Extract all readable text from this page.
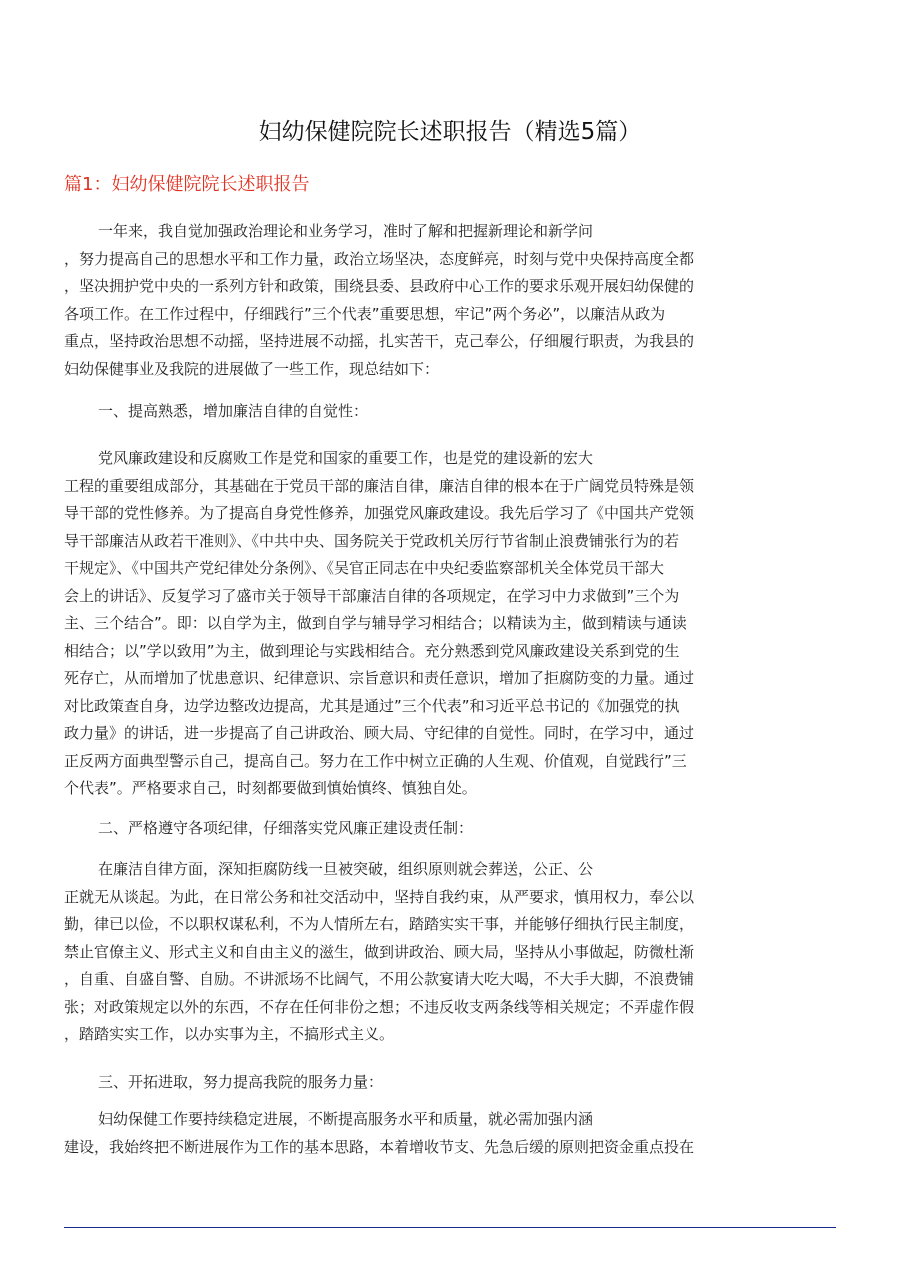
妇幼保健院院长述职报告（精选5篇）
篇1：妇幼保健院院长述职报告
一年来，我自觉加强政治理论和业务学习，准时了解和把握新理论和新学问
，努力提高自己的思想水平和工作力量，政治立场坚决，态度鲜亮，时刻与党中央保持高度全都
，坚决拥护党中央的一系列方针和政策，围绕县委、县政府中心工作的要求乐观开展妇幼保健的
各项工作。在工作过程中，仔细践行”三个代表”重要思想，牢记”两个务必”，以廉洁从政为
重点，坚持政治思想不动摇，坚持进展不动摇，扎实苦干，克己奉公，仔细履行职责，为我县的
妇幼保健事业及我院的进展做了一些工作，现总结如下：
一、提高熟悉，增加廉洁自律的自觉性：
党风廉政建设和反腐败工作是党和国家的重要工作，也是党的建设新的宏大
工程的重要组成部分，其基础在于党员干部的廉洁自律，廉洁自律的根本在于广阔党员特殊是领
导干部的党性修养。为了提高自身党性修养，加强党风廉政建设。我先后学习了《中国共产党领
导干部廉洁从政若干准则》、《中共中央、国务院关于党政机关厉行节省制止浪费铺张行为的若
干规定》、《中国共产党纪律处分条例》、《吴官正同志在中央纪委监察部机关全体党员干部大
会上的讲话》、反复学习了盛市关于领导干部廉洁自律的各项规定，在学习中力求做到”三个为
主、三个结合”。即：以自学为主，做到自学与辅导学习相结合；以精读为主，做到精读与通读
相结合；以”学以致用”为主，做到理论与实践相结合。充分熟悉到党风廉政建设关系到党的生
死存亡，从而增加了忧患意识、纪律意识、宗旨意识和责任意识，增加了拒腐防变的力量。通过
对比政策查自身，边学边整改边提高，尤其是通过”三个代表”和习近平总书记的《加强党的执
政力量》的讲话，进一步提高了自己讲政治、顾大局、守纪律的自觉性。同时，在学习中，通过
正反两方面典型警示自己，提高自己。努力在工作中树立正确的人生观、价值观，自觉践行”三
个代表”。严格要求自己，时刻都要做到慎始慎终、慎独自处。
二、严格遵守各项纪律，仔细落实党风廉正建设责任制：
在廉洁自律方面，深知拒腐防线一旦被突破，组织原则就会葬送，公正、公
正就无从谈起。为此，在日常公务和社交活动中，坚持自我约束，从严要求，慎用权力，奉公以
勤，律已以俭，不以职权谋私利，不为人情所左右，踏踏实实干事，并能够仔细执行民主制度，
禁止官僚主义、形式主义和自由主义的滋生，做到讲政治、顾大局，坚持从小事做起，防微杜渐
，自重、自盛自警、自励。不讲派场不比阔气，不用公款宴请大吃大喝，不大手大脚，不浪费铺
张；对政策规定以外的东西，不存在任何非份之想；不违反收支两条线等相关规定；不弄虚作假
，踏踏实实工作，以办实事为主，不搞形式主义。
三、开拓进取，努力提高我院的服务力量：
妇幼保健工作要持续稳定进展，不断提高服务水平和质量，就必需加强内涵
建设，我始终把不断进展作为工作的基本思路，本着增收节支、先急后缓的原则把资金重点投在
